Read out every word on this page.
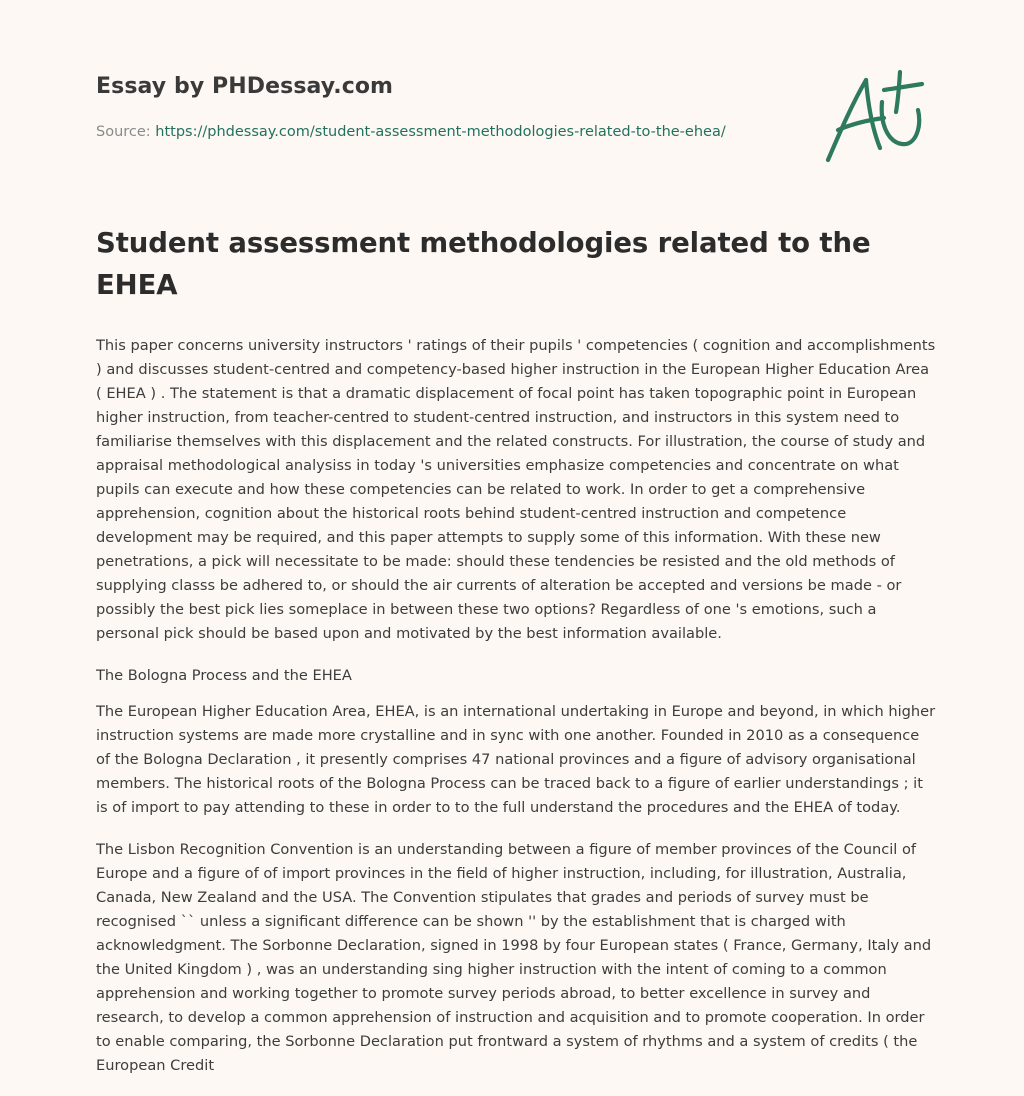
Essay by PHDessay.com
Source: https://phdessay.com/student-assessment-methodologies-related-to-the-ehea/
Student assessment methodologies related to the EHEA

This paper concerns university instructors ' ratings of their pupils ' competencies ( cognition and accomplishments ) and discusses student-centred and competency-based higher instruction in the European Higher Education Area ( EHEA ) . The statement is that a dramatic displacement of focal point has taken topographic point in European higher instruction, from teacher-centred to student-centred instruction, and instructors in this system need to familiarise themselves with this displacement and the related constructs. For illustration, the course of study and appraisal methodological analysiss in today 's universities emphasize competencies and concentrate on what pupils can execute and how these competencies can be related to work. In order to get a comprehensive apprehension, cognition about the historical roots behind student-centred instruction and competence development may be required, and this paper attempts to supply some of this information. With these new penetrations, a pick will necessitate to be made: should these tendencies be resisted and the old methods of supplying classs be adhered to, or should the air currents of alteration be accepted and versions be made - or possibly the best pick lies someplace in between these two options? Regardless of one 's emotions, such a personal pick should be based upon and motivated by the best information available.

The Bologna Process and the EHEA

The European Higher Education Area, EHEA, is an international undertaking in Europe and beyond, in which higher instruction systems are made more crystalline and in sync with one another. Founded in 2010 as a consequence of the Bologna Declaration , it presently comprises 47 national provinces and a figure of advisory organisational members. The historical roots of the Bologna Process can be traced back to a figure of earlier understandings ; it is of import to pay attending to these in order to to the full understand the procedures and the EHEA of today.

The Lisbon Recognition Convention is an understanding between a figure of member provinces of the Council of Europe and a figure of of import provinces in the field of higher instruction, including, for illustration, Australia, Canada, New Zealand and the USA. The Convention stipulates that grades and periods of survey must be recognised `` unless a significant difference can be shown '' by the establishment that is charged with acknowledgment. The Sorbonne Declaration, signed in 1998 by four European states ( France, Germany, Italy and the United Kingdom ) , was an understanding sing higher instruction with the intent of coming to a common apprehension and working together to promote survey periods abroad, to better excellence in survey and research, to develop a common apprehension of instruction and acquisition and to promote cooperation. In order to enable comparing, the Sorbonne Declaration put frontward a system of rhythms and a system of credits ( the European Credit
